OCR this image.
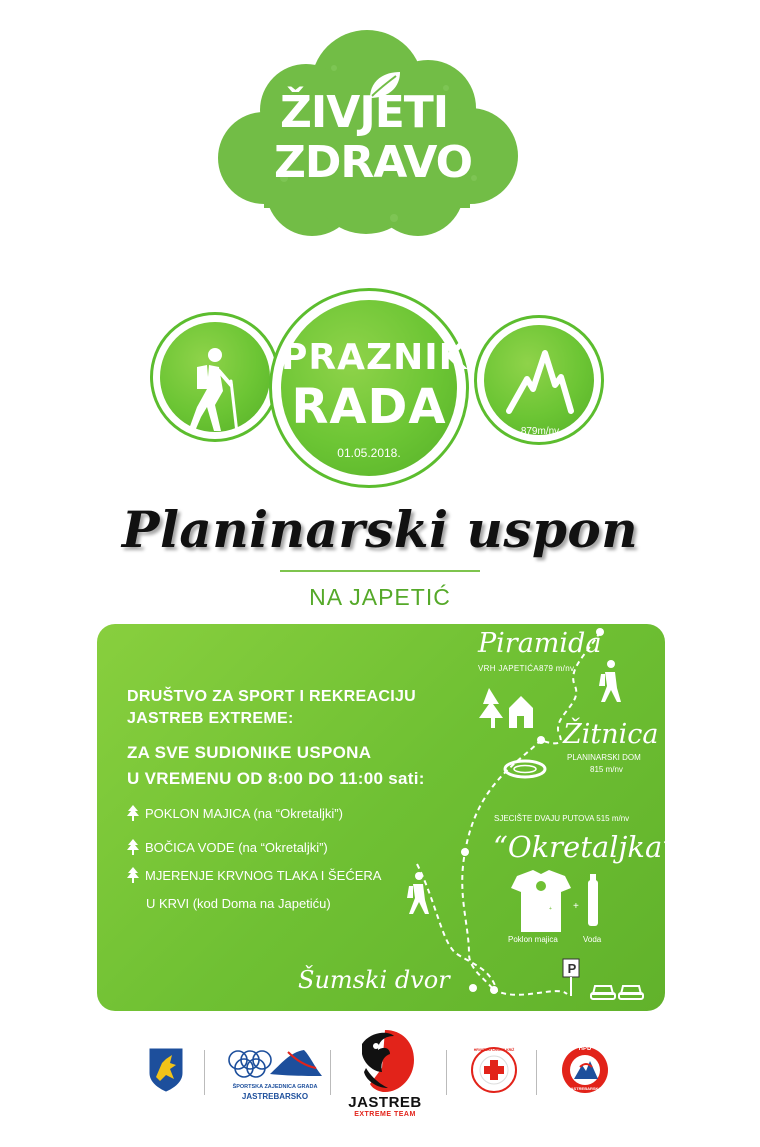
ŽIVJETI
ZDRAVO
PRAZNIK
RADA
01.05.2018.
879m/nv
Planinarski uspon
NA JAPETIĆ
+ +
DRUŠTVO ZA SPORT I REKREACIJU
JASTREB EXTREME:
ZA SVE SUDIONIKE USPONA
U VREMENU OD 8:00 DO 11:00 sati:
POKLON MAJICA (na “Okretaljki”)
BOČICA VODE (na “Okretaljki”)
MJERENJE KRVNOG TLAKA I ŠEĆERA
U KRVI (kod Doma na Japetiću)
Piramida
VRH JAPETIĆA879 m/nv
Žitnica
PLANINARSKI DOM
815 m/nv
SJECIŠTE DVAJU PUTOVA 515 m/nv
“Okretaljka”
Poklon majica	Voda
Šumski dvor	P
ŠPORTSKA ZAJEDNICA GRADA
JASTREBARSKO	JASTREB
EXTREME TEAM
HRVATSKI CRVENI KRIŽ	HPD
JASTREBARSKO
